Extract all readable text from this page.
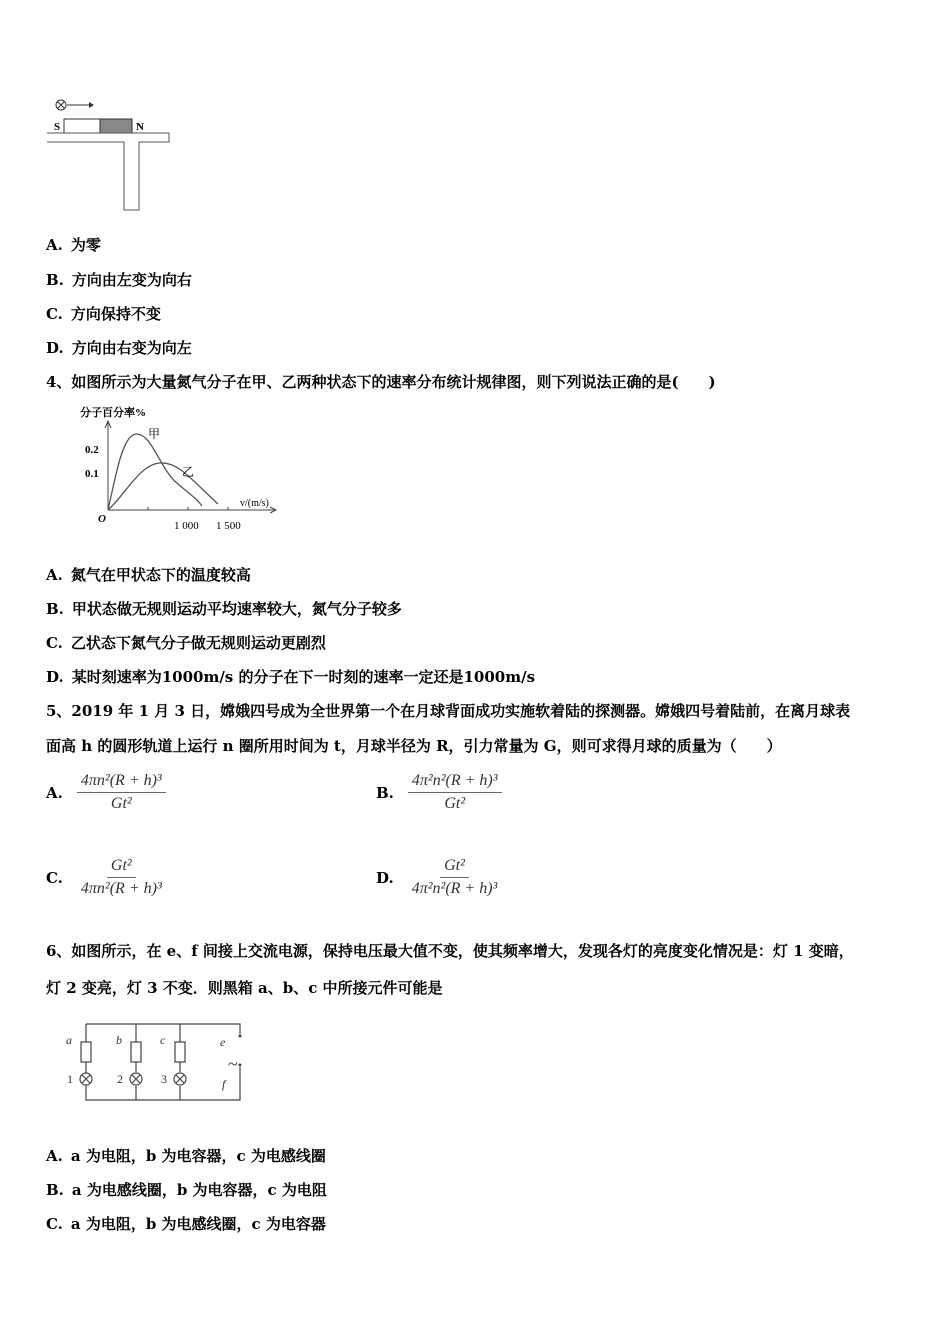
S	N
A. 为零
B. 方向由左变为向右
C. 方向保持不变
D. 方向由右变为向左
4、如图所示为大量氮气分子在甲、乙两种状态下的速率分布统计规律图，则下列说法正确的是(　　)
分子百分率%
0.2
0.1
O
1 000 1 500
v/(m/s)
甲
乙
A. 氮气在甲状态下的温度较高
B. 甲状态做无规则运动平均速率较大，氮气分子较多
C. 乙状态下氮气分子做无规则运动更剧烈
D. 某时刻速率为1000m/s 的分子在下一时刻的速率一定还是1000m/s
5、2019 年 1 月 3 日，嫦娥四号成为全世界第一个在月球背面成功实施软着陆的探测器。嫦娥四号着陆前，在离月球表
面高 h 的圆形轨道上运行 n 圈所用时间为 t，月球半径为 R，引力常量为 G，则可求得月球的质量为（　　）
A. $\frac{\text{4πn²(R + h)³}}{\text{Gt²}}$	B. $\frac{\text{4π²n²(R + h)³}}{\text{Gt²}}$
C. $\frac{\text{Gt²}}{\text{4πn²(R + h)³}}$	D. $\frac{\text{Gt²}}{\text{4π²n²(R + h)³}}$
6、如图所示，在 e、f 间接上交流电源，保持电压最大值不变，使其频率增大，发现各灯的亮度变化情况是：灯 1 变暗，
灯 2 变亮，灯 3 不变．则黑箱 a、b、c 中所接元件可能是
a	b	c	e
f
1	2	3
~
A. a 为电阻，b 为电容器，c 为电感线圈
B. a 为电感线圈，b 为电容器，c 为电阻
C. a 为电阻，b 为电感线圈，c 为电容器
